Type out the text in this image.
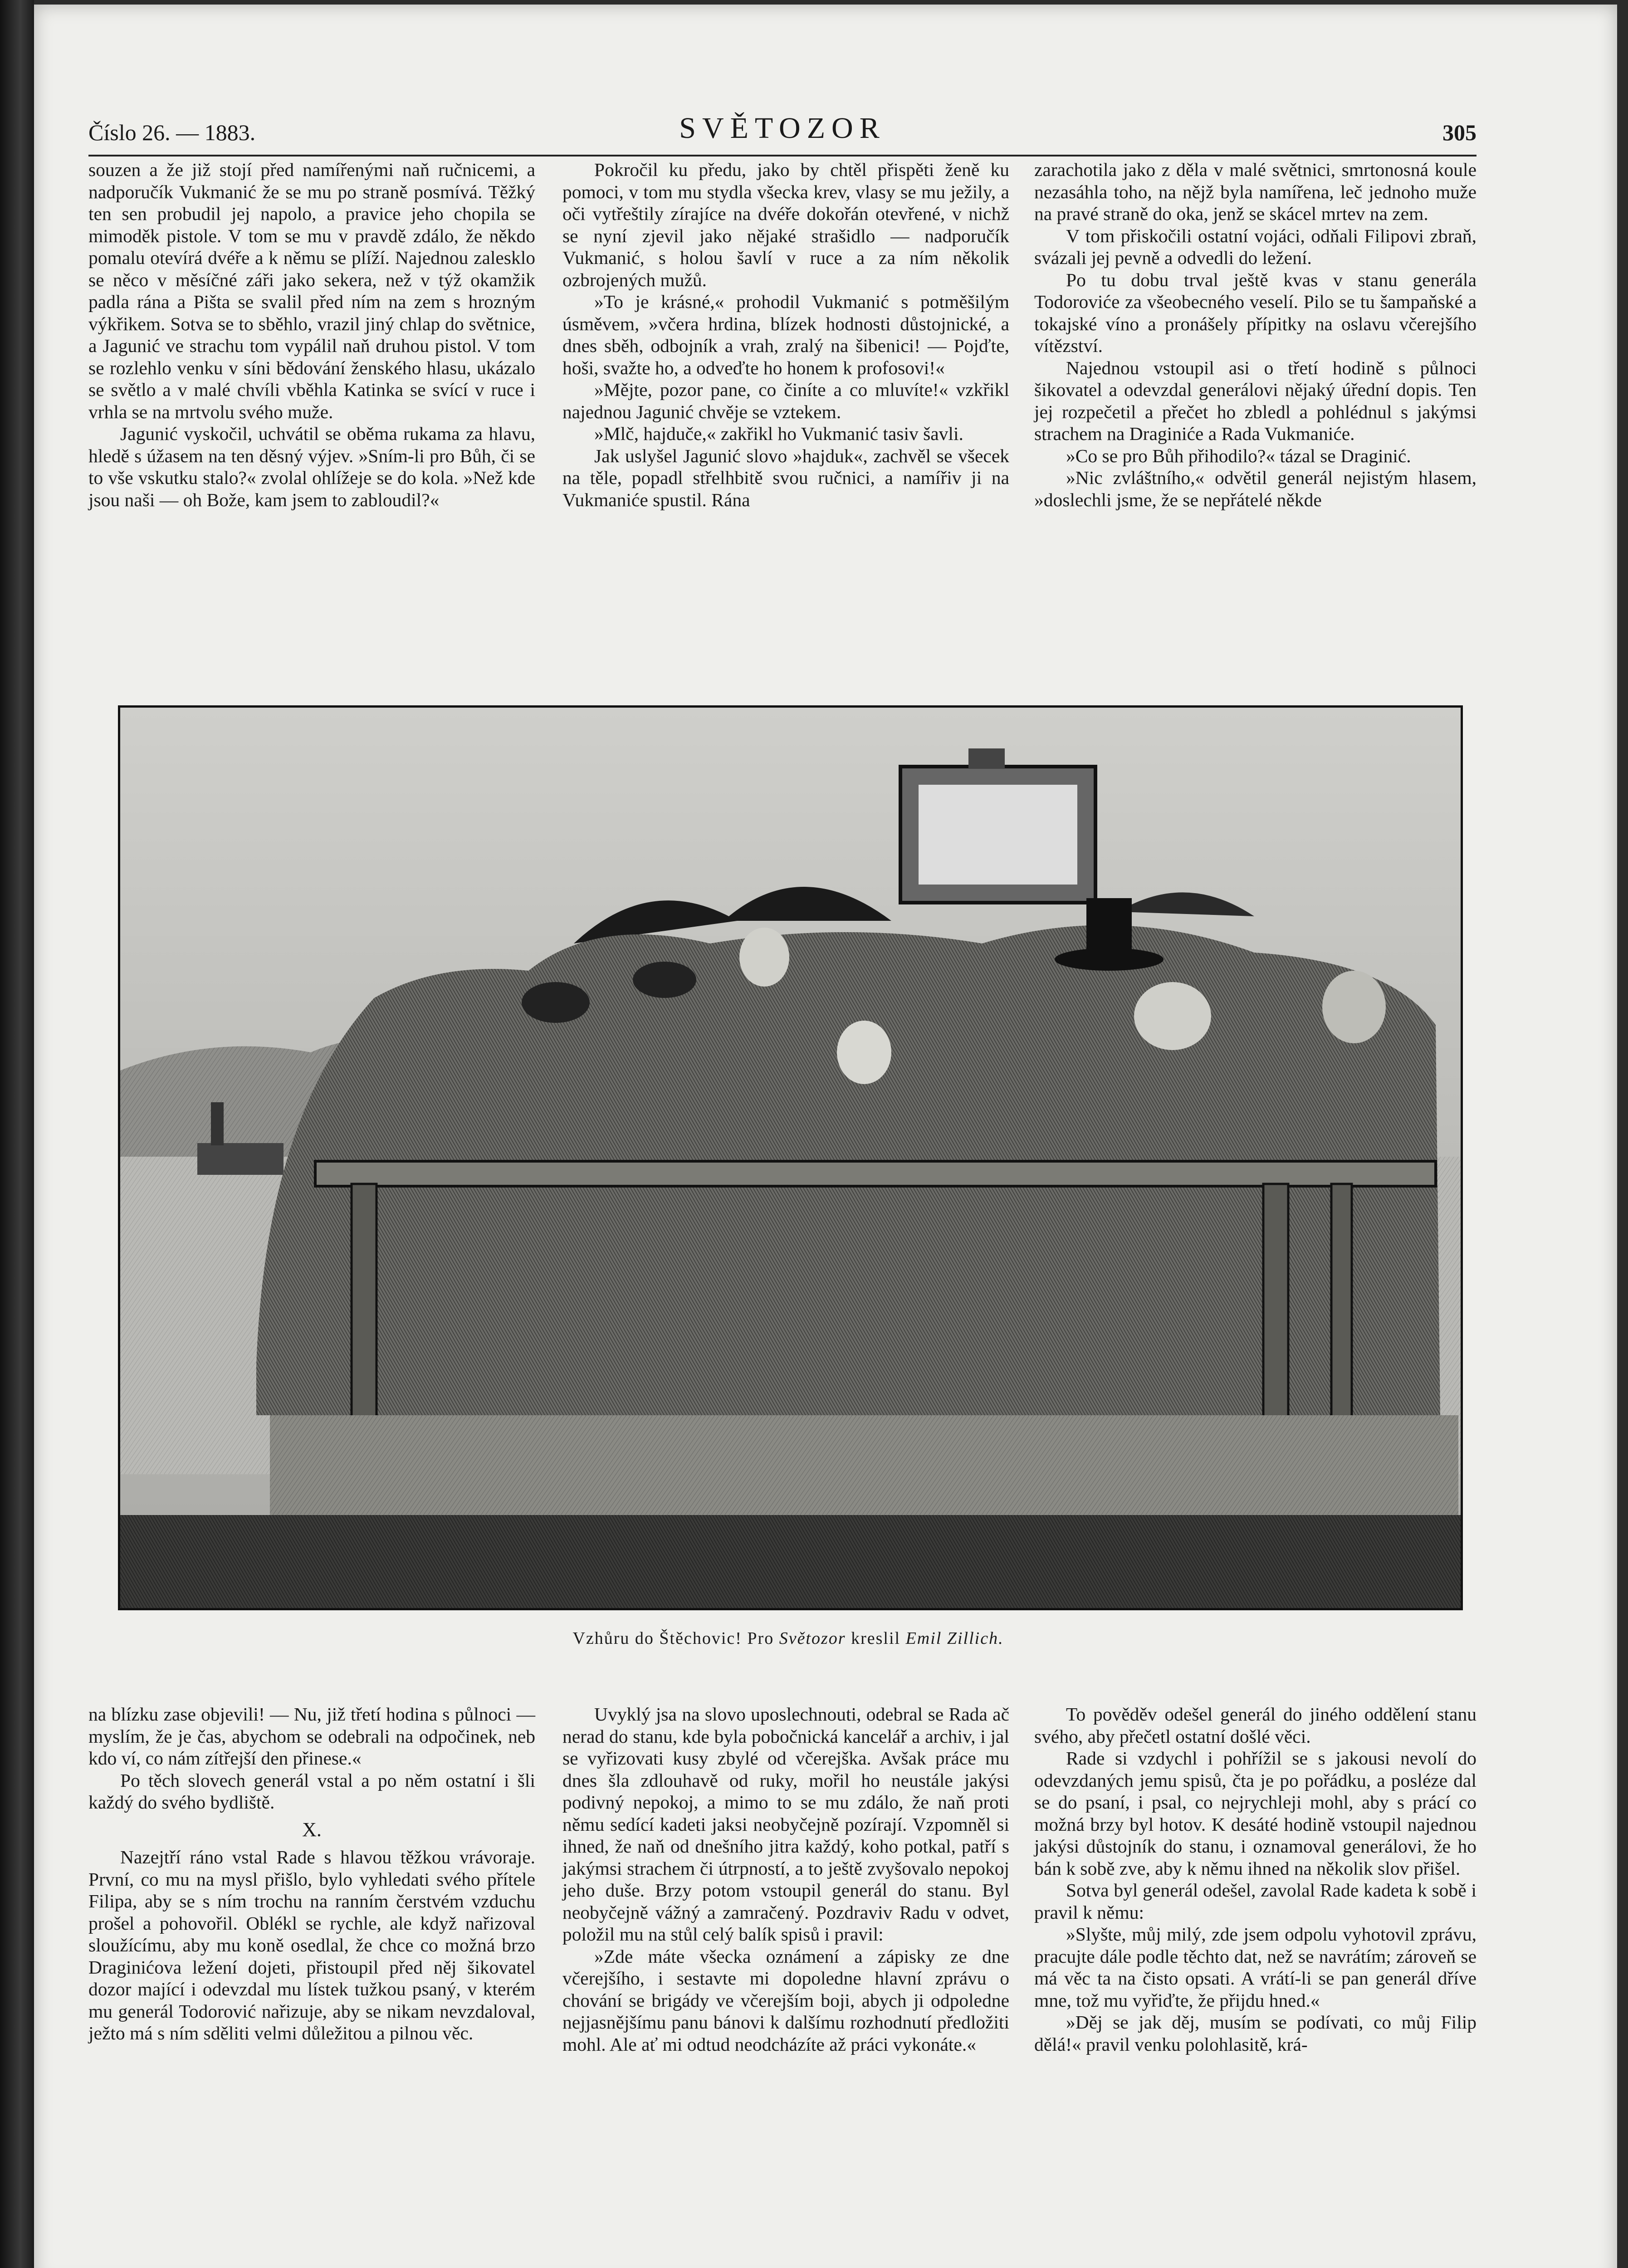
Číslo 26. — 1883.	SVĚTOZOR	305

souzen a že již stojí před namířenými naň ručnicemi, a nadporučík Vukmanić že se mu po straně posmívá. Těžký ten sen probudil jej napolo, a pravice jeho chopila se mimoděk pistole. V tom se mu v pravdě zdálo, že někdo pomalu otevírá dvéře a k němu se plíží. Najednou zalesklo se něco v měsíčné záři jako sekera, než v týž okamžik padla rána a Pišta se svalil před ním na zem s hrozným výkřikem. Sotva se to sběhlo, vrazil jiný chlap do světnice, a Jagunić ve strachu tom vypálil naň druhou pistol. V tom se rozlehlo venku v síni bědování ženského hlasu, ukázalo se světlo a v malé chvíli vběhla Katinka se svící v ruce i vrhla se na mrtvolu svého muže.

Jagunić vyskočil, uchvátil se oběma rukama za hlavu, hledě s úžasem na ten děsný výjev. »Sním-li pro Bůh, či se to vše vskutku stalo?« zvolal ohlížeje se do kola. »Než kde jsou naši — oh Bože, kam jsem to zabloudil?«

Pokročil ku předu, jako by chtěl přispěti ženě ku pomoci, v tom mu stydla všecka krev, vlasy se mu ježily, a oči vytřeštily zírajíce na dvéře dokořán otevřené, v nichž se nyní zjevil jako nějaké strašidlo — nadporučík Vukmanić, s holou šavlí v ruce a za ním několik ozbrojených mužů.

»To je krásné,« prohodil Vukmanić s potměšilým úsměvem, »včera hrdina, blízek hodnosti důstojnické, a dnes sběh, odbojník a vrah, zralý na šibenici! — Pojďte, hoši, svažte ho, a odveďte ho honem k profosovi!«

»Mějte, pozor pane, co činíte a co mluvíte!« vzkřikl najednou Jagunić chvěje se vztekem.

»Mlč, hajduče,« zakřikl ho Vukmanić tasiv šavli.

Jak uslyšel Jagunić slovo »hajduk«, zachvěl se všecek na těle, popadl střelhbitě svou ručnici, a namířiv ji na Vukmaniće spustil. Rána

zarachotila jako z děla v malé světnici, smrtonosná koule nezasáhla toho, na nějž byla namířena, leč jednoho muže na pravé straně do oka, jenž se skácel mrtev na zem.

V tom přiskočili ostatní vojáci, odňali Filipovi zbraň, svázali jej pevně a odvedli do ležení.

Po tu dobu trval ještě kvas v stanu generála Todoroviće za všeobecného veselí. Pilo se tu šampaňské a tokajské víno a pronášely přípitky na oslavu včerejšího vítězství.

Najednou vstoupil asi o třetí hodině s půlnoci šikovatel a odevzdal generálovi nějaký úřední dopis. Ten jej rozpečetil a přečet ho zbledl a pohlédnul s jakýmsi strachem na Draginiće a Rada Vukmaniće.

»Co se pro Bůh přihodilo?« tázal se Draginić.

»Nic zvláštního,« odvětil generál nejistým hlasem, »doslechli jsme, že se nepřátelé někde

Vzhůru do Štěchovic! Pro Světozor kreslil Emil Zillich.

na blízku zase objevili! — Nu, již třetí hodina s půlnoci — myslím, že je čas, abychom se odebrali na odpočinek, neb kdo ví, co nám zítřejší den přinese.«

Po těch slovech generál vstal a po něm ostatní i šli každý do svého bydliště.

X.

Nazejtří ráno vstal Rade s hlavou těžkou vrávoraje. První, co mu na mysl přišlo, bylo vyhledati svého přítele Filipa, aby se s ním trochu na ranním čerstvém vzduchu prošel a pohovořil. Oblékl se rychle, ale když nařizoval sloužícímu, aby mu koně osedlal, že chce co možná brzo Draginićova ležení dojeti, přistoupil před něj šikovatel dozor mající i odevzdal mu lístek tužkou psaný, v kterém mu generál Todorović nařizuje, aby se nikam nevzdaloval, ježto má s ním sděliti velmi důležitou a pilnou věc.

Uvyklý jsa na slovo uposlechnouti, odebral se Rada ač nerad do stanu, kde byla pobočnická kancelář a archiv, i jal se vyřizovati kusy zbylé od včerejška. Avšak práce mu dnes šla zdlouhavě od ruky, mořil ho neustále jakýsi podivný nepokoj, a mimo to se mu zdálo, že naň proti němu sedící kadeti jaksi neobyčejně pozírají. Vzpomněl si ihned, že naň od dnešního jitra každý, koho potkal, patří s jakýmsi strachem či útrpností, a to ještě zvyšovalo nepokoj jeho duše. Brzy potom vstoupil generál do stanu. Byl neobyčejně vážný a zamračený. Pozdraviv Radu v odvet, položil mu na stůl celý balík spisů i pravil:

»Zde máte všecka oznámení a zápisky ze dne včerejšího, i sestavte mi dopoledne hlavní zprávu o chování se brigády ve včerejším boji, abych ji odpoledne nejjasnějšímu panu bánovi k dalšímu rozhodnutí předložiti mohl. Ale ať mi odtud neodcházíte až práci vykonáte.«

To pověděv odešel generál do jiného oddělení stanu svého, aby přečetl ostatní došlé věci.

Rade si vzdychl i pohřížil se s jakousi nevolí do odevzdaných jemu spisů, čta je po pořádku, a posléze dal se do psaní, i psal, co nejrychleji mohl, aby s prácí co možná brzy byl hotov. K desáté hodině vstoupil najednou jakýsi důstojník do stanu, i oznamoval generálovi, že ho bán k sobě zve, aby k němu ihned na několik slov přišel.

Sotva byl generál odešel, zavolal Rade kadeta k sobě i pravil k němu:

»Slyšte, můj milý, zde jsem odpolu vyhotovil zprávu, pracujte dále podle těchto dat, než se navrátím; zároveň se má věc ta na čisto opsati. A vrátí-li se pan generál dříve mne, tož mu vyřiďte, že přijdu hned.«

»Děj se jak děj, musím se podívati, co můj Filip dělá!« pravil venku polohlasitě, krá-
